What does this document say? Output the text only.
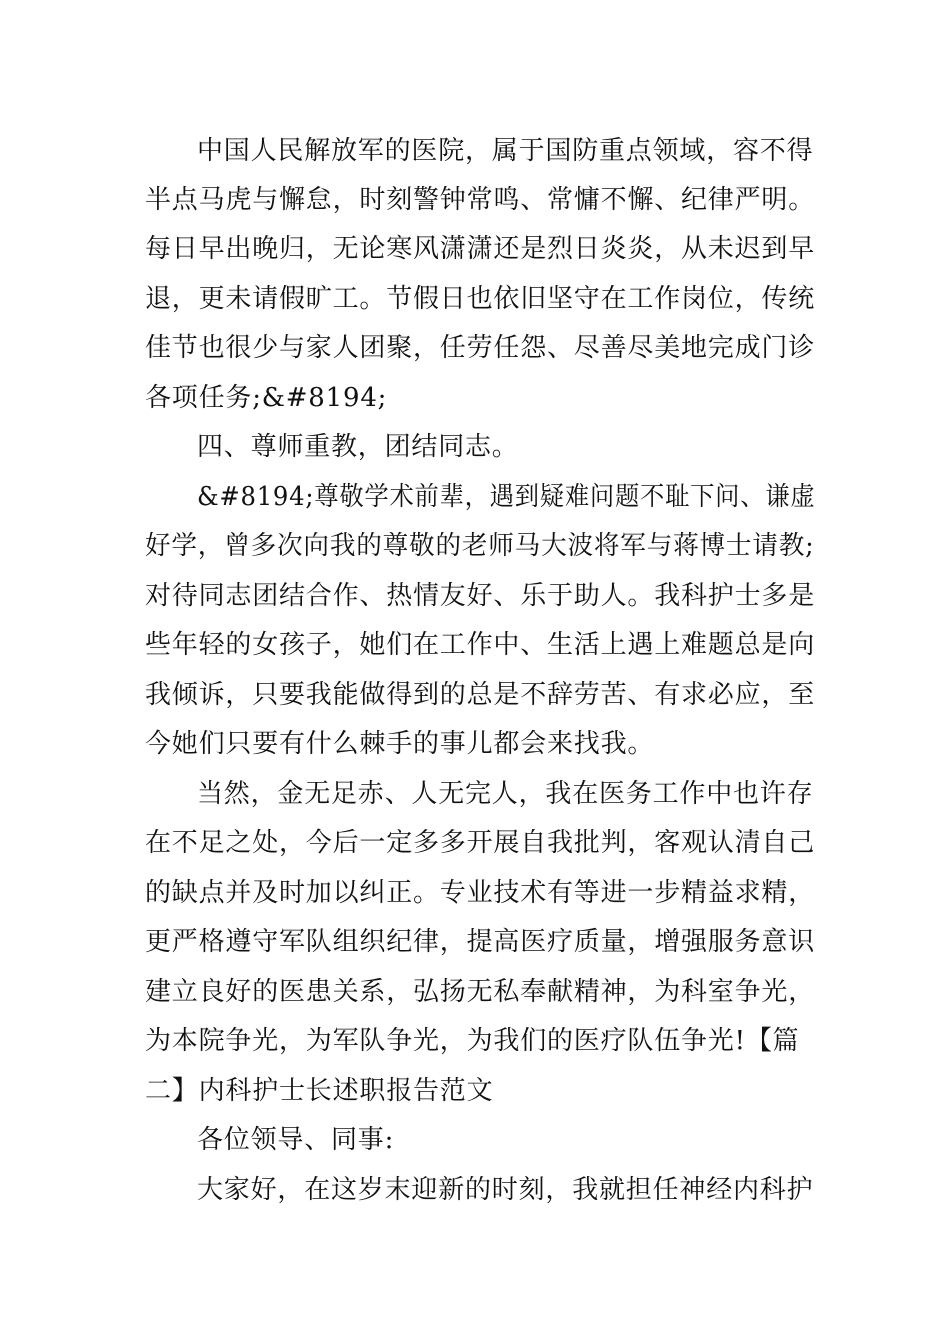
中国人民解放军的医院，属于国防重点领域，容不得
半点马虎与懈怠，时刻警钟常鸣、常慵不懈、纪律严明。
每日早出晚归，无论寒风潇潇还是烈日炎炎，从未迟到早
退，更未请假旷工。节假日也依旧坚守在工作岗位，传统
佳节也很少与家人团聚，任劳任怨、尽善尽美地完成门诊
各项任务;&#8194;
四、尊师重教，团结同志。
&#8194;尊敬学术前辈，遇到疑难问题不耻下问、谦虚
好学，曾多次向我的尊敬的老师马大波将军与蒋博士请教;
对待同志团结合作、热情友好、乐于助人。我科护士多是
些年轻的女孩子，她们在工作中、生活上遇上难题总是向
我倾诉，只要我能做得到的总是不辞劳苦、有求必应，至
今她们只要有什么棘手的事儿都会来找我。
当然，金无足赤、人无完人，我在医务工作中也许存
在不足之处，今后一定多多开展自我批判，客观认清自己
的缺点并及时加以纠正。专业技术有等进一步精益求精，
更严格遵守军队组织纪律，提高医疗质量，增强服务意识
建立良好的医患关系，弘扬无私奉献精神，为科室争光，
为本院争光，为军队争光，为我们的医疗队伍争光!【篇
二】内科护士长述职报告范文
各位领导、同事:
大家好，在这岁末迎新的时刻，我就担任神经内科护
